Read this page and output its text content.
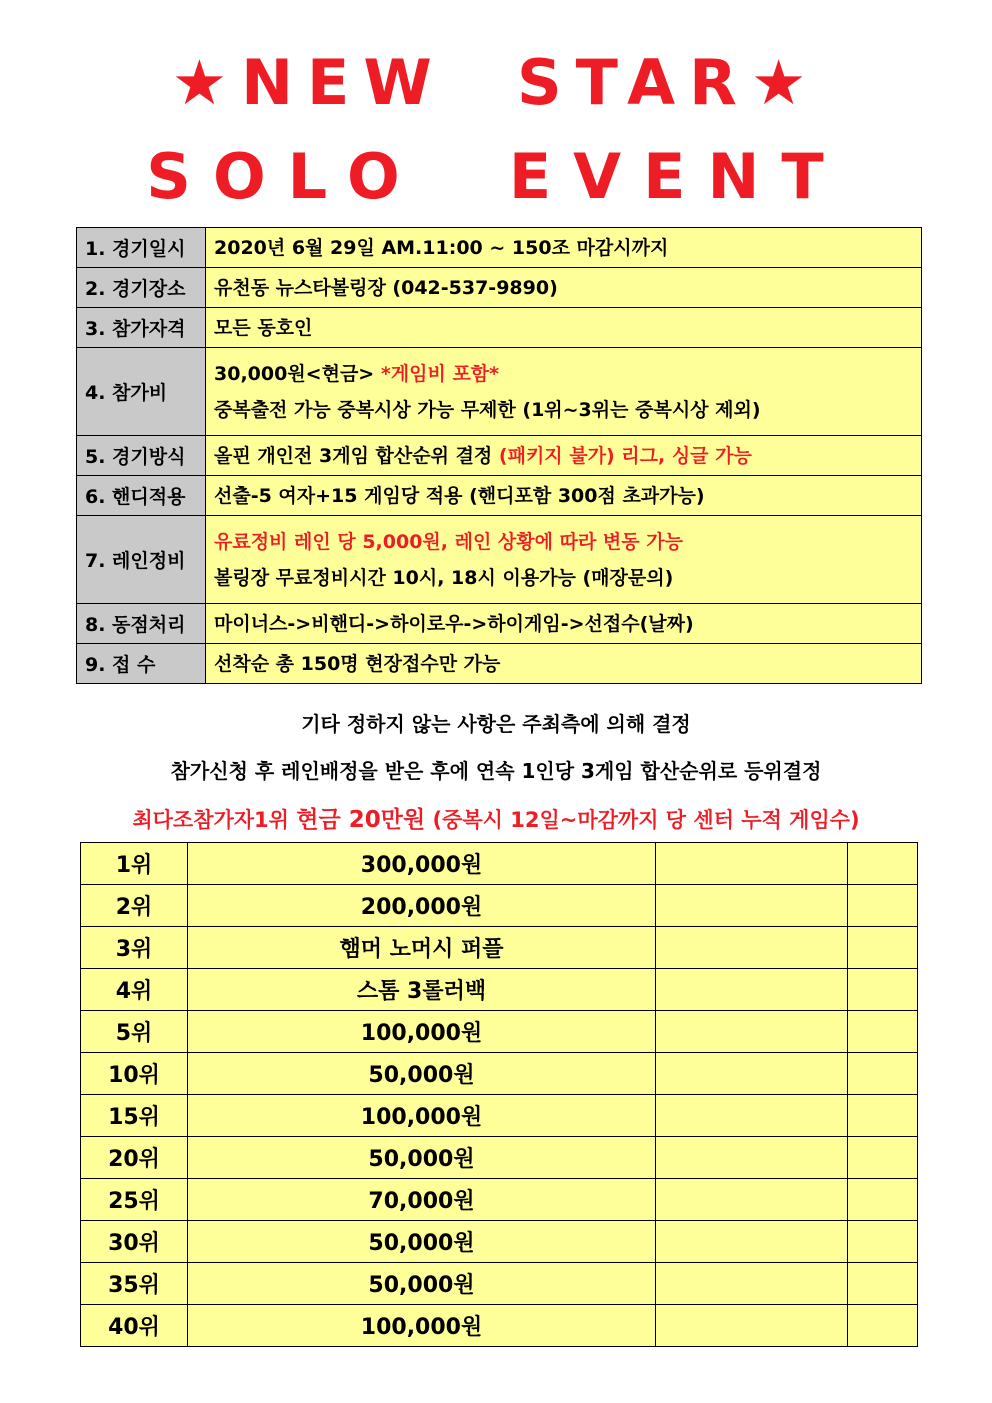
★NEW  STAR★
SOLO  EVENT
1. 경기일시	2020년 6월 29일 AM.11:00 ~ 150조 마감시까지

2. 경기장소	유천동 뉴스타볼링장 (042-537-9890)

3. 참가자격	모든 동호인

4. 참가비	30,000원<현금> *게임비 포함*
중복출전 가능 중복시상 가능 무제한 (1위~3위는 중복시상 제외)

5. 경기방식	올핀 개인전 3게임 합산순위 결정 (패키지 불가) 리그, 싱글 가능

6. 핸디적용	선출-5 여자+15 게임당 적용 (핸디포함 300점 초과가능)

7. 레인정비	유료정비 레인 당 5,000원, 레인 상황에 따라 변동 가능
볼링장 무료정비시간 10시, 18시 이용가능 (매장문의)

8. 동점처리	마이너스->비핸디->하이로우->하이게임->선접수(날짜)

9. 접 수	선착순 총 150명 현장접수만 가능
기타 정하지 않는 사항은 주최측에 의해 결정
참가신청 후 레인배정을 받은 후에 연속 1인당 3게임 합산순위로 등위결정
최다조참가자1위 현금 20만원 (중복시 12일~마감까지 당 센터 누적 게임수)
1위	300,000원		
2위	200,000원		
3위	햄머 노머시 퍼플		
4위	스톰 3롤러백		
5위	100,000원		
10위	50,000원		
15위	100,000원		
20위	50,000원		
25위	70,000원		
30위	50,000원		
35위	50,000원		
40위	100,000원		
